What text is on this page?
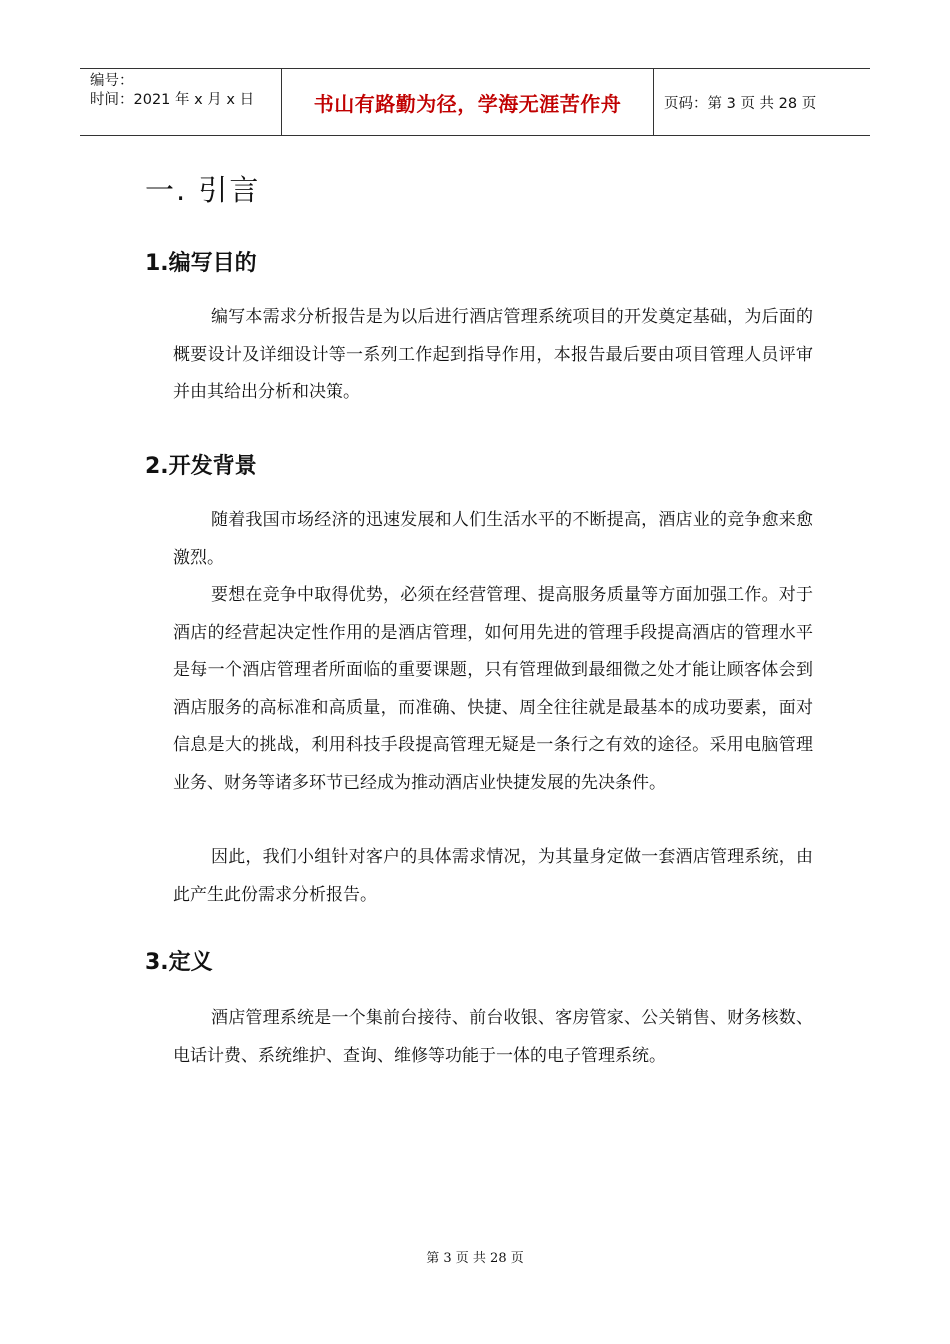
编号：
时间：2021 年 x 月 x 日	书山有路勤为径，学海无涯苦作舟	页码：第 3 页 共 28 页
一. 引言
1.编写目的

编写本需求分析报告是为以后进行酒店管理系统项目的开发奠定基础，为后面的概要设计及详细设计等一系列工作起到指导作用，本报告最后要由项目管理人员评审并由其给出分析和决策。

2.开发背景

随着我国市场经济的迅速发展和人们生活水平的不断提高，酒店业的竞争愈来愈激烈。

要想在竞争中取得优势，必须在经营管理、提高服务质量等方面加强工作。对于酒店的经营起决定性作用的是酒店管理，如何用先进的管理手段提高酒店的管理水平是每一个酒店管理者所面临的重要课题，只有管理做到最细微之处才能让顾客体会到酒店服务的高标准和高质量，而准确、快捷、周全往往就是最基本的成功要素，面对信息是大的挑战，利用科技手段提高管理无疑是一条行之有效的途径。采用电脑管理业务、财务等诸多环节已经成为推动酒店业快捷发展的先决条件。

因此，我们小组针对客户的具体需求情况，为其量身定做一套酒店管理系统，由此产生此份需求分析报告。

3.定义

酒店管理系统是一个集前台接待、前台收银、客房管家、公关销售、财务核数、电话计费、系统维护、查询、维修等功能于一体的电子管理系统。

第 3 页 共 28 页
